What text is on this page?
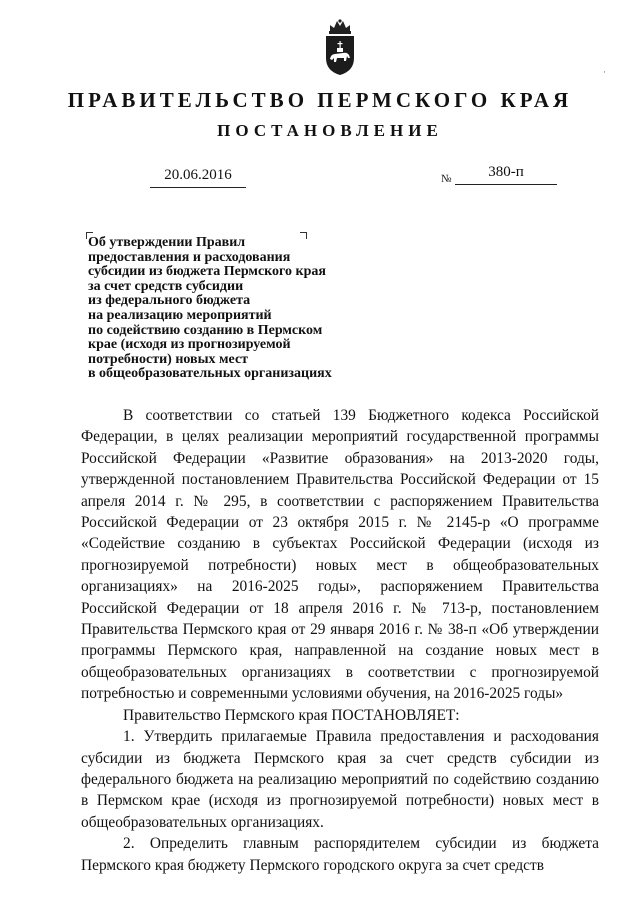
·
ПРАВИТЕЛЬСТВО ПЕРМСКОГО КРАЯ
ПОСТАНОВЛЕНИЕ
20.06.2016	№	380-п
Об утверждении Правил
предоставления и расходования
субсидии из бюджета Пермского края
за счет средств субсидии
из федерального бюджета
на реализацию мероприятий
по содействию созданию в Пермском
крае (исходя из прогнозируемой
потребности) новых мест
в общеобразовательных организациях

В соответствии со статьей 139 Бюджетного кодекса Российской Федерации, в целях реализации мероприятий государственной программы Российской Федерации «Развитие образования» на 2013-2020 годы, утвержденной постановлением Правительства Российской Федерации от 15 апреля 2014 г. № 295, в соответствии с распоряжением Правительства Российской Федерации от 23 октября 2015 г. № 2145-р «О программе «Содействие созданию в субъектах Российской Федерации (исходя из прогнозируемой потребности) новых мест в общеобразовательных организациях» на 2016-2025 годы», распоряжением Правительства Российской Федерации от 18 апреля 2016 г. № 713-р, постановлением Правительства Пермского края от 29 января 2016 г. № 38-п «Об утверждении программы Пермского края, направленной на создание новых мест в общеобразовательных организациях в соответствии с прогнозируемой потребностью и современными условиями обучения, на 2016-2025 годы»

Правительство Пермского края ПОСТАНОВЛЯЕТ:

1. Утвердить прилагаемые Правила предоставления и расходования субсидии из бюджета Пермского края за счет средств субсидии из федерального бюджета на реализацию мероприятий по содействию созданию в Пермском крае (исходя из прогнозируемой потребности) новых мест в общеобразовательных организациях.

2. Определить главным распорядителем субсидии из бюджета Пермского края бюджету Пермского городского округа за счет средств
